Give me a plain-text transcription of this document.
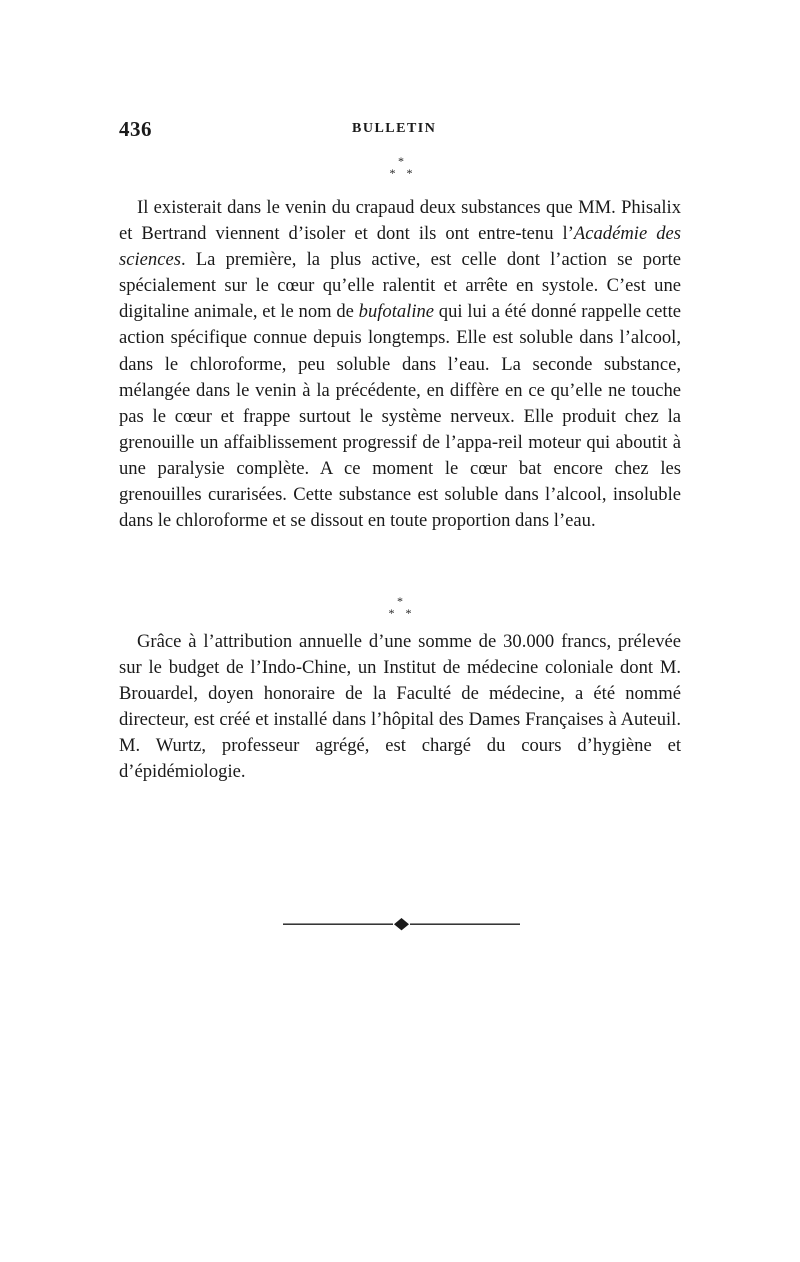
436	BULLETIN
*
* *

Il existerait dans le venin du crapaud deux substances que MM. Phisalix et Bertrand viennent d’isoler et dont ils ont entre-tenu l’Académie des sciences. La première, la plus active, est celle dont l’action se porte spécialement sur le cœur qu’elle ralentit et arrête en systole. C’est une digitaline animale, et le nom de bufotaline qui lui a été donné rappelle cette action spécifique connue depuis longtemps. Elle est soluble dans l’alcool, dans le chloroforme, peu soluble dans l’eau. La seconde substance, mélangée dans le venin à la précédente, en diffère en ce qu’elle ne touche pas le cœur et frappe surtout le système nerveux. Elle produit chez la grenouille un affaiblissement progressif de l’appa-reil moteur qui aboutit à une paralysie complète. A ce moment le cœur bat encore chez les grenouilles curarisées. Cette substance est soluble dans l’alcool, insoluble dans le chloroforme et se dissout en toute proportion dans l’eau.

*
* *

Grâce à l’attribution annuelle d’une somme de 30.000 francs, prélevée sur le budget de l’Indo-Chine, un Institut de médecine coloniale dont M. Brouardel, doyen honoraire de la Faculté de médecine, a été nommé directeur, est créé et installé dans l’hôpital des Dames Françaises à Auteuil. M. Wurtz, professeur agrégé, est chargé du cours d’hygiène et d’épidémiologie.
